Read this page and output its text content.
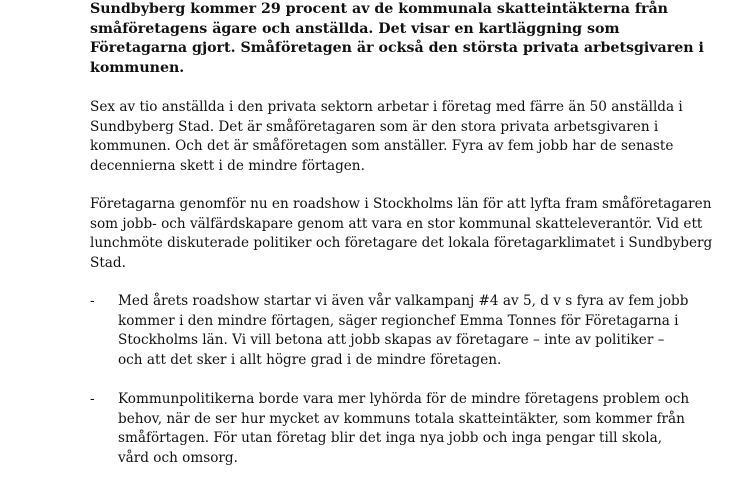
Sundbyberg kommer 29 procent av de kommunala skatteintäkterna från småföretagens ägare och anställda. Det visar en kartläggning som Företagarna gjort. Småföretagen är också den största privata arbetsgivaren i kommunen.

Sex av tio anställda i den privata sektorn arbetar i företag med färre än 50 anställda i Sundbyberg Stad. Det är småföretagaren som är den stora privata arbetsgivaren i kommunen. Och det är småföretagen som anställer. Fyra av fem jobb har de senaste decennierna skett i de mindre förtagen.

Företagarna genomför nu en roadshow i Stockholms län för att lyfta fram småföretagaren som jobb- och välfärdskapare genom att vara en stor kommunal skatteleverantör. Vid ett lunchmöte diskuterade politiker och företagare det lokala företagarklimatet i Sundbyberg Stad.

- Med årets roadshow startar vi även vår valkampanj #4 av 5, d v s fyra av fem jobb kommer i den mindre förtagen, säger regionchef Emma Tonnes för Företagarna i Stockholms län. Vi vill betona att jobb skapas av företagare – inte av politiker – och att det sker i allt högre grad i de mindre företagen.
- Kommunpolitikerna borde vara mer lyhörda för de mindre företagens problem och behov, när de ser hur mycket av kommuns totala skatteintäkter, som kommer från småförtagen. För utan företag blir det inga nya jobb och inga pengar till skola, vård och omsorg.
